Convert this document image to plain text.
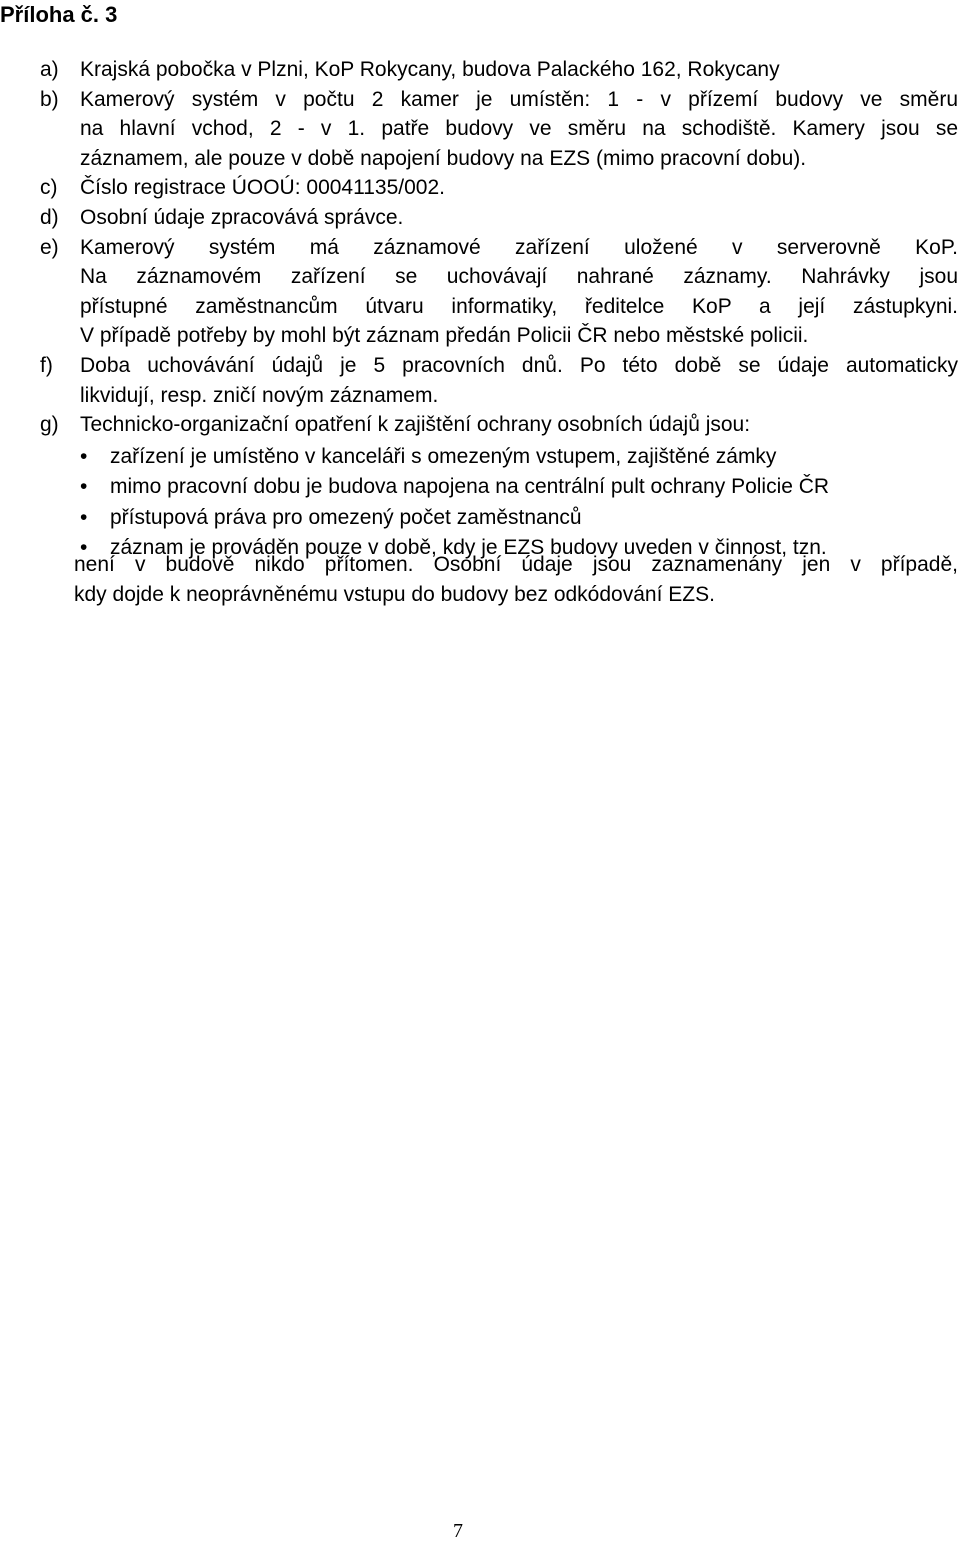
Příloha č. 3
a)	Krajská pobočka v Plzni, KoP Rokycany, budova Palackého 162, Rokycany
b)	Kamerový systém v počtu 2 kamer je umístěn: 1 - v přízemí budovy ve směru
na hlavní vchod, 2 - v 1. patře budovy ve směru na schodiště. Kamery jsou se
záznamem, ale pouze v době napojení budovy na EZS (mimo pracovní dobu).
c)	Číslo registrace ÚOOÚ: 00041135/002.
d)	Osobní údaje zpracovává správce.
e)	Kamerový systém má záznamové zařízení uložené v serverovně KoP.
Na záznamovém zařízení se uchovávají nahrané záznamy. Nahrávky jsou
přístupné zaměstnancům útvaru informatiky, ředitelce KoP a její zástupkyni.
V případě potřeby by mohl být záznam předán Policii ČR nebo městské policii.
f)	Doba uchovávání údajů je 5 pracovních dnů. Po této době se údaje automaticky
likvidují, resp. zničí novým záznamem.
g)	Technicko-organizační opatření k zajištění ochrany osobních údajů jsou:
•	zařízení je umístěno v kanceláři s omezeným vstupem, zajištěné zámky
•	mimo pracovní dobu je budova napojena na centrální pult ochrany Policie ČR
•	přístupová práva pro omezený počet zaměstnanců
•	záznam je prováděn pouze v době, kdy je EZS budovy uveden v činnost, tzn.
není v budově nikdo přítomen. Osobní údaje jsou zaznamenány jen v případě,
kdy dojde k neoprávněnému vstupu do budovy bez odkódování EZS.
7
